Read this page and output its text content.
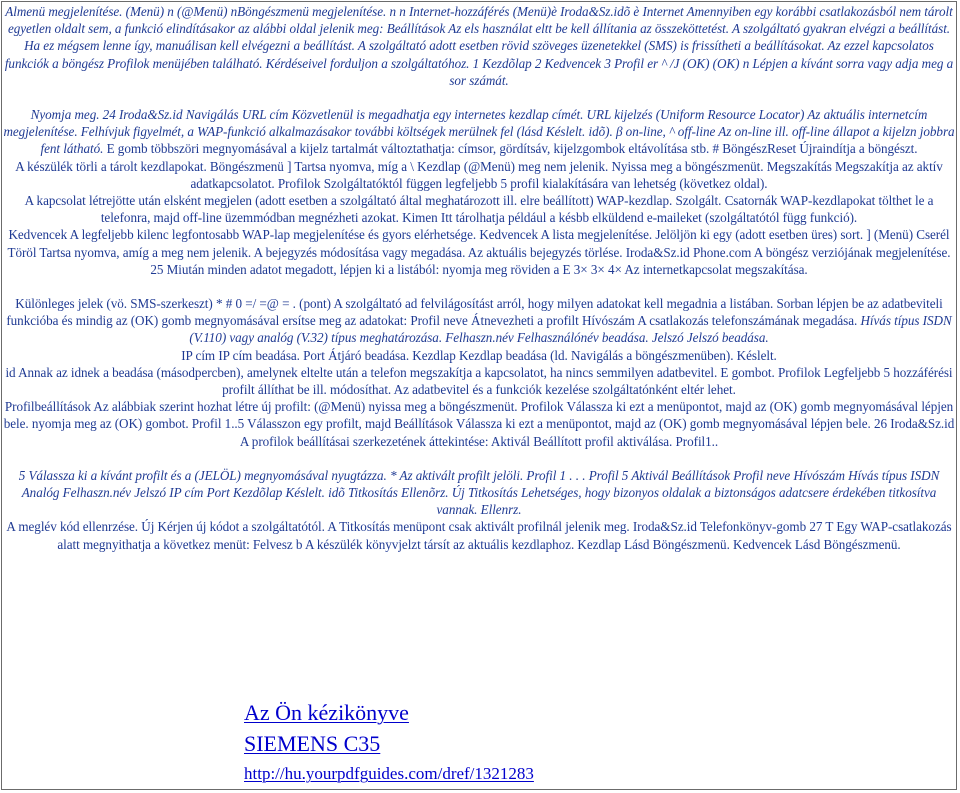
Almenü megjelenítése. (Menü) n (@Menü) nBöngészmenü megjelenítése. n n Internet-hozzáférés (Menü)è Iroda&Sz.idõ è Internet Amennyiben egy korábbi csatlakozásból nem tárolt egyetlen oldalt sem, a funkció elindításakor az alábbi oldal jelenik meg: Beállítások Az els használat eltt be kell állítania az összeköttetést. A szolgáltató gyakran elvégzi a beállítást. Ha ez mégsem lenne így, manuálisan kell elvégezni a beállítást. A szolgáltató adott esetben rövid szöveges üzenetekkel (SMS) is frissítheti a beállításokat. Az ezzel kapcsolatos funkciók a böngész Profilok menüjében található. Kérdéseivel forduljon a szolgáltatóhoz. 1 Kezdõlap 2 Kedvencek 3 Profil er ^ /J (OK) (OK) n Lépjen a kívánt sorra vagy adja meg a sor számát.

Nyomja meg. 24 Iroda&Sz.id Navigálás URL cím Közvetlenül is megadhatja egy internetes kezdlap címét. URL kijelzés (Uniform Resource Locator) Az aktuális internetcím megjelenítése. Felhívjuk figyelmét, a WAP-funkció alkalmazásakor további költségek merülnek fel (lásd Késlelt. idõ). β on-line, ^ off-line Az on-line ill. off-line állapot a kijelzn jobbra fent látható. E gomb többszöri megnyomásával a kijelz tartalmát változtathatja: címsor, gördítsáv, kijelzgombok eltávolítása stb. # BöngészReset Újraindítja a böngészt.

A készülék törli a tárolt kezdlapokat. Böngészmenü ] Tartsa nyomva, míg a \ Kezdlap (@Menü) meg nem jelenik. Nyissa meg a böngészmenüt. Megszakítás Megszakítja az aktív adatkapcsolatot. Profilok Szolgáltatóktól függen legfeljebb 5 profil kialakítására van lehetség (következ oldal).

A kapcsolat létrejötte után elsként megjelen (adott esetben a szolgáltató által meghatározott ill. elre beállított) WAP-kezdlap. Szolgált. Csatornák WAP-kezdlapokat tölthet le a telefonra, majd off-line üzemmódban megnézheti azokat. Kimen Itt tárolhatja például a késbb elküldend e-maileket (szolgáltatótól függ funkció).

Kedvencek A legfeljebb kilenc legfontosabb WAP-lap megjelenítése és gyors elérhetsége. Kedvencek A lista megjelenítése. Jelöljön ki egy (adott esetben üres) sort. ] (Menü) Cserél Töröl Tartsa nyomva, amíg a meg nem jelenik. A bejegyzés módosítása vagy megadása. Az aktuális bejegyzés törlése. Iroda&Sz.id Phone.com A böngész verziójának megjelenítése. 25 Miután minden adatot megadott, lépjen ki a listából: nyomja meg röviden a E 3× 3× 4× Az internetkapcsolat megszakítása.

Különleges jelek (vö. SMS-szerkeszt) * # 0 =/ =@ = . (pont) A szolgáltató ad felvilágosítást arról, hogy milyen adatokat kell megadnia a listában. Sorban lépjen be az adatbeviteli funkcióba és mindig az (OK) gomb megnyomásával ersítse meg az adatokat: Profil neve Átnevezheti a profilt Hívószám A csatlakozás telefonszámának megadása. Hívás típus ISDN (V.110) vagy analóg (V.32) típus meghatározása. Felhaszn.név Felhasználónév beadása. Jelszó Jelszó beadása.

IP cím IP cím beadása. Port Átjáró beadása. Kezdlap Kezdlap beadása (ld. Navigálás a böngészmenüben). Késlelt.

id Annak az idnek a beadása (másodpercben), amelynek eltelte után a telefon megszakítja a kapcsolatot, ha nincs semmilyen adatbevitel. E gombot. Profilok Legfeljebb 5 hozzáférési profilt állíthat be ill. módosíthat. Az adatbevitel és a funkciók kezelése szolgáltatónként eltér lehet.

Profilbeállítások Az alábbiak szerint hozhat létre új profilt: (@Menü) nyissa meg a böngészmenüt. Profilok Válassza ki ezt a menüpontot, majd az (OK) gomb megnyomásával lépjen bele. nyomja meg az (OK) gombot. Profil 1..5 Válasszon egy profilt, majd Beállítások Válassza ki ezt a menüpontot, majd az (OK) gomb megnyomásával lépjen bele. 26 Iroda&Sz.id A profilok beállításai szerkezetének áttekintése: Aktivál Beállított profil aktiválása. Profil1..

5 Válassza ki a kívánt profilt és a (JELÖL) megnyomásával nyugtázza. * Az aktivált profilt jelöli. Profil 1 . . . Profil 5 Aktivál Beállítások Profil neve Hívószám Hívás típus ISDN Analóg Felhaszn.név Jelszó IP cím Port Kezdõlap Késlelt. idõ Titkosítás Ellenõrz. Új Titkosítás Lehetséges, hogy bizonyos oldalak a biztonságos adatcsere érdekében titkosítva vannak. Ellenrz.

A meglév kód ellenrzése. Új Kérjen új kódot a szolgáltatótól. A Titkosítás menüpont csak aktivált profilnál jelenik meg. Iroda&Sz.id Telefonkönyv-gomb 27 T Egy WAP-csatlakozás alatt megnyithatja a következ menüt: Felvesz b A készülék könyvjelzt társít az aktuális kezdlaphoz. Kezdlap Lásd Böngészmenü. Kedvencek Lásd Böngészmenü.

Az Ön kézikönyve
SIEMENS C35
http://hu.yourpdfguides.com/dref/1321283
